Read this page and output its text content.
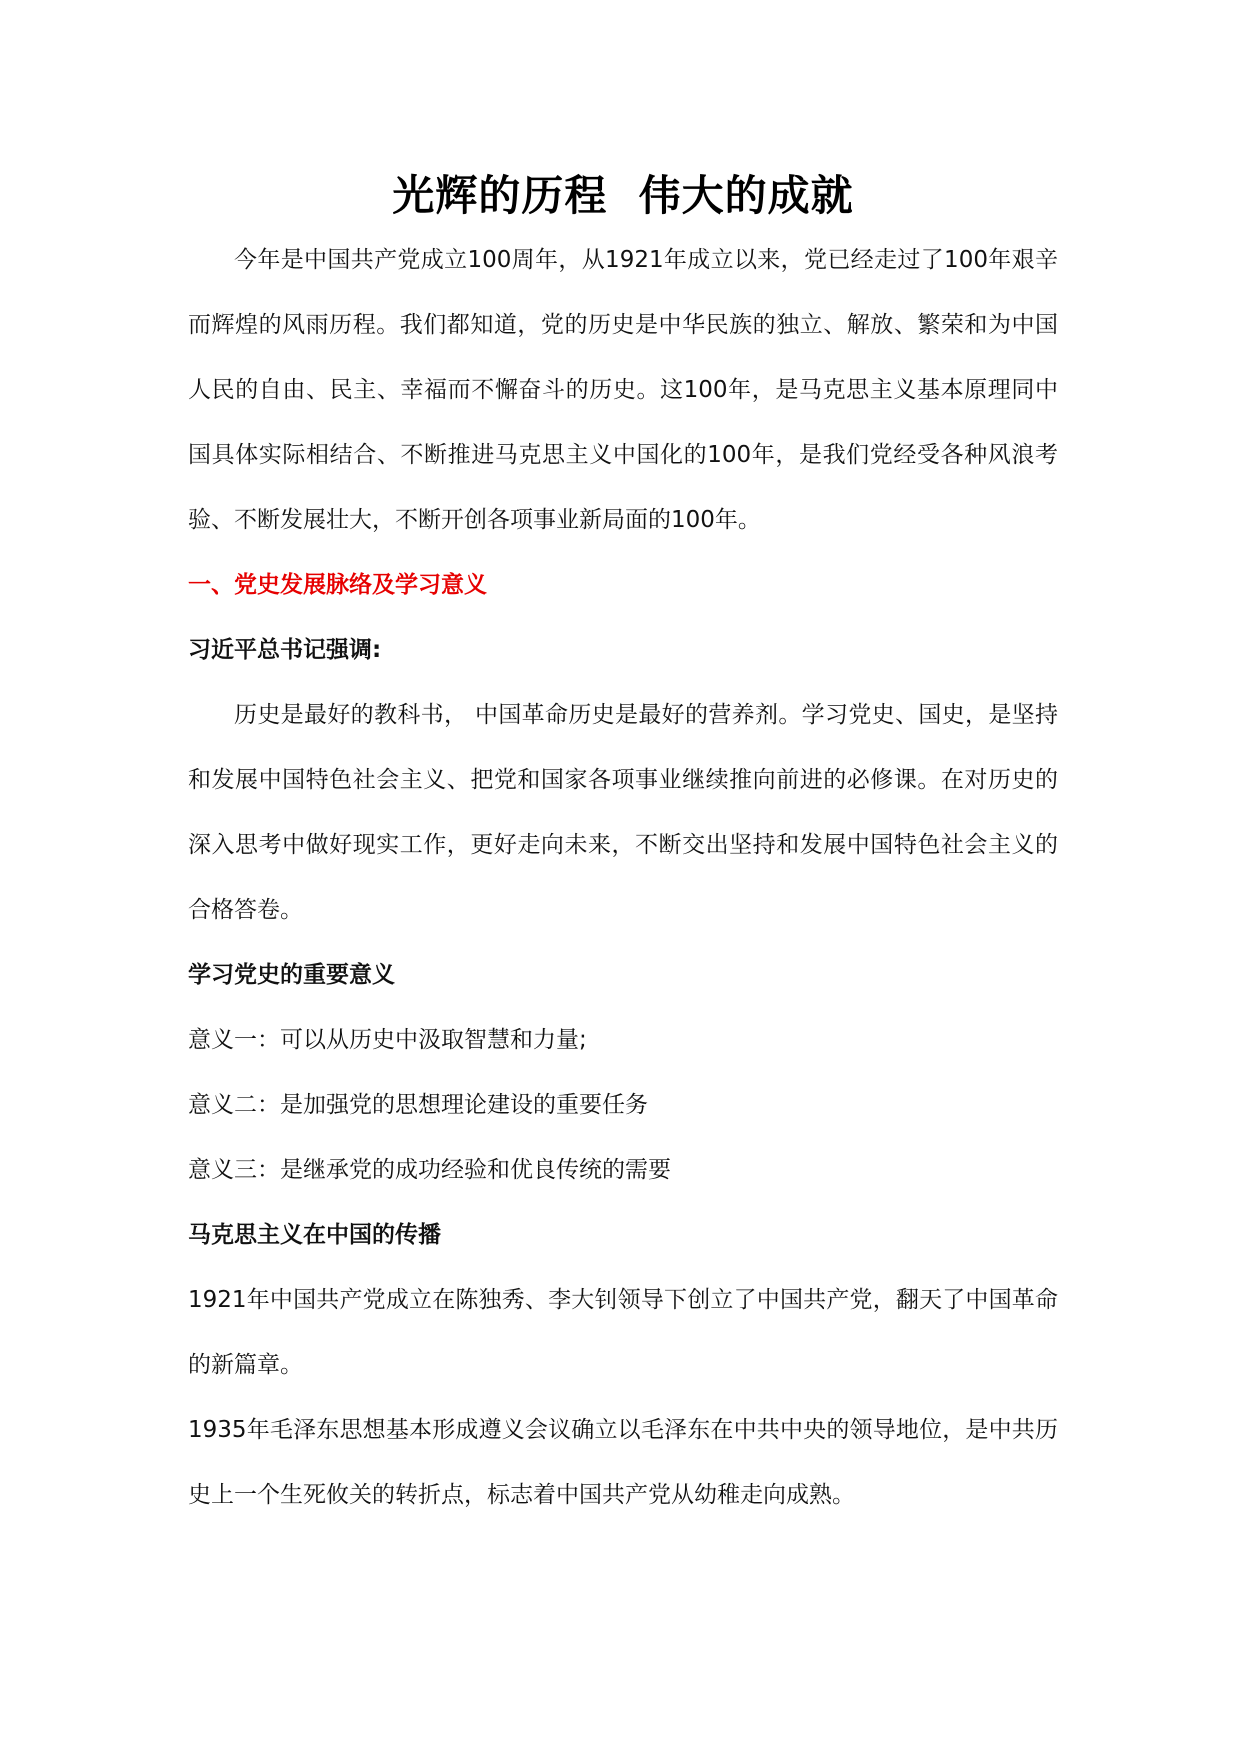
光辉的历程  伟大的成就

今年是中国共产党成立100周年，从1921年成立以来，党已经走过了100年艰辛而辉煌的风雨历程。我们都知道，党的历史是中华民族的独立、解放、繁荣和为中国人民的自由、民主、幸福而不懈奋斗的历史。这100年，是马克思主义基本原理同中国具体实际相结合、不断推进马克思主义中国化的100年，是我们党经受各种风浪考验、不断发展壮大，不断开创各项事业新局面的100年。

一、党史发展脉络及学习意义

习近平总书记强调:

历史是最好的教科书， 中国革命历史是最好的营养剂。学习党史、国史，是坚持和发展中国特色社会主义、把党和国家各项事业继续推向前进的必修课。在对历史的深入思考中做好现实工作，更好走向未来，不断交出坚持和发展中国特色社会主义的合格答卷。

学习党史的重要意义

意义一：可以从历史中汲取智慧和力量;

意义二：是加强党的思想理论建设的重要任务

意义三：是继承党的成功经验和优良传统的需要

马克思主义在中国的传播

1921年中国共产党成立在陈独秀、李大钊领导下创立了中国共产党，翻天了中国革命的新篇章。

1935年毛泽东思想基本形成遵义会议确立以毛泽东在中共中央的领导地位，是中共历史上一个生死攸关的转折点，标志着中国共产党从幼稚走向成熟。
